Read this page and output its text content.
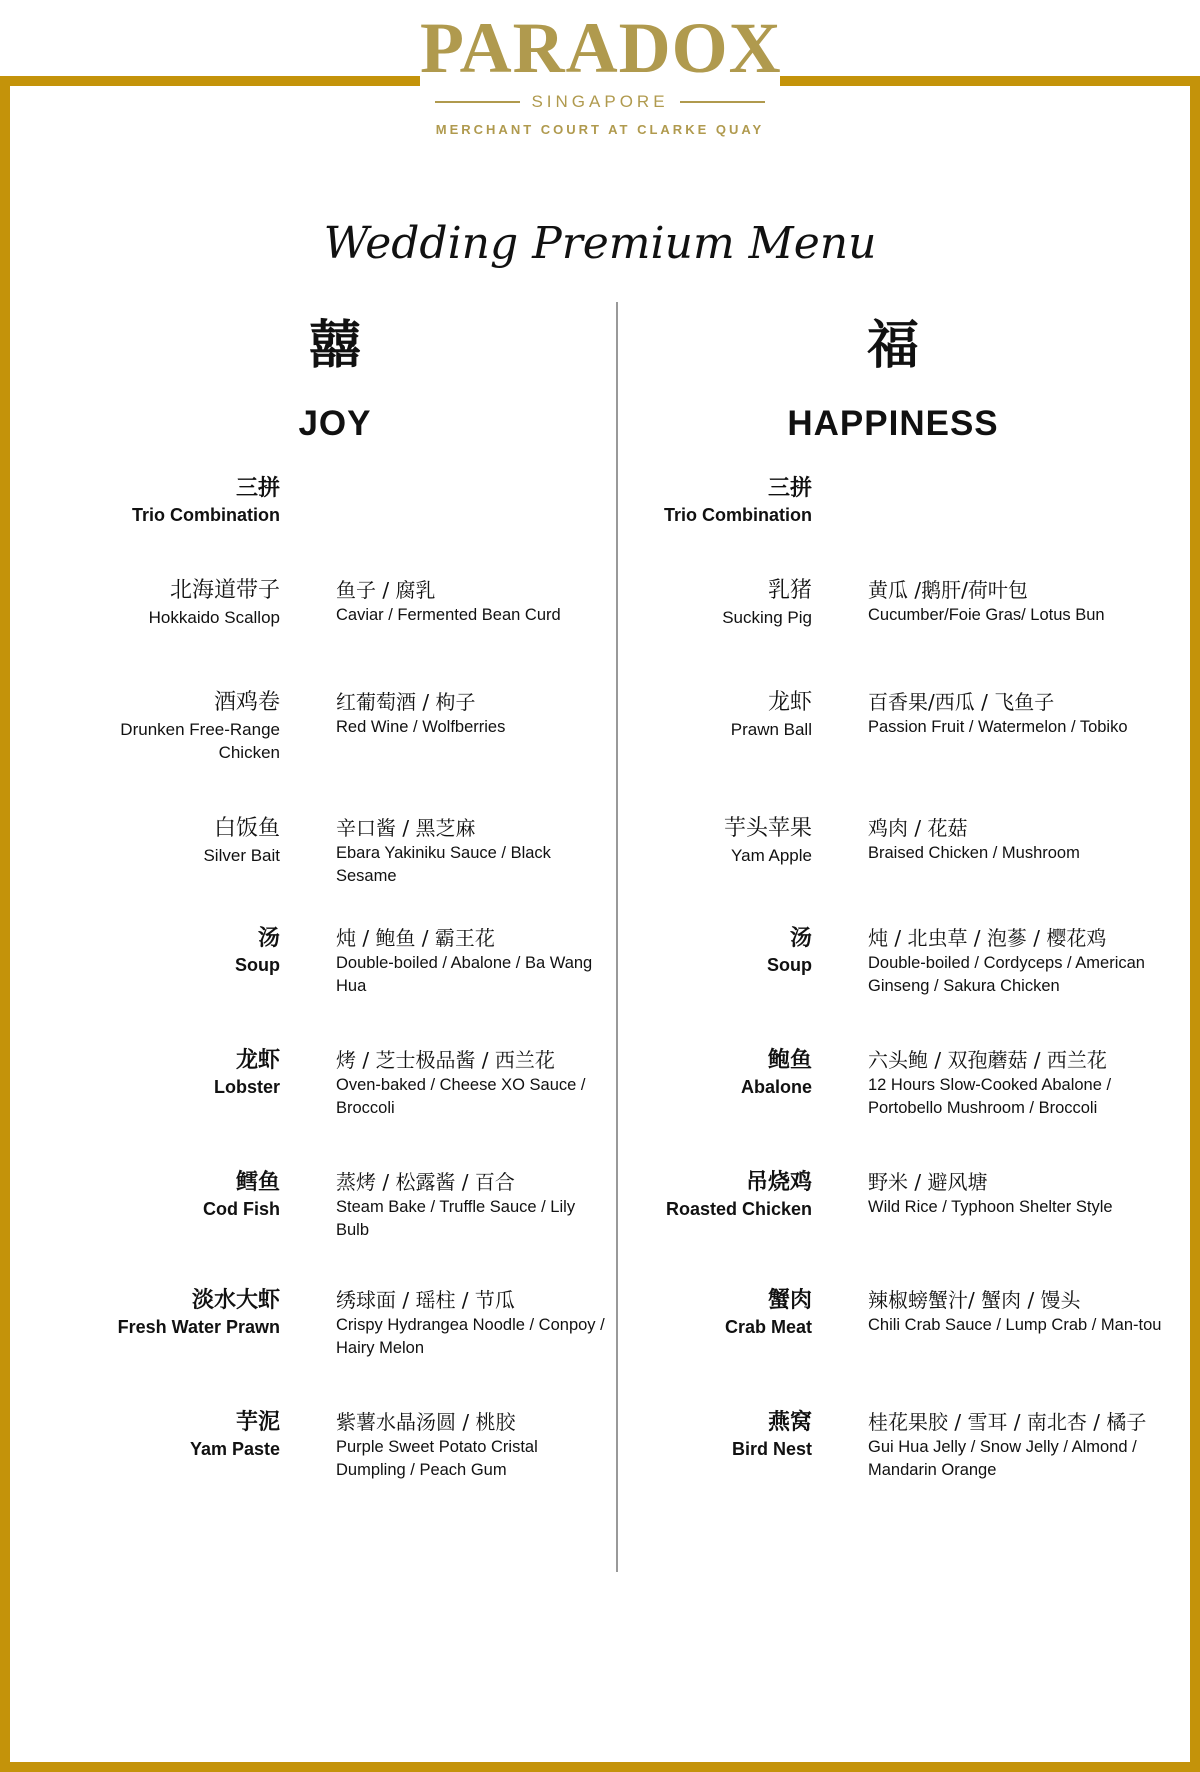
PARADOX
SINGAPORE
MERCHANT COURT AT CLARKE QUAY
Wedding Premium Menu
囍
JOY
三拼
Trio Combination
北海道带子
Hokkaido Scallop
鱼子 / 腐乳
Caviar / Fermented Bean Curd
酒鸡卷
Drunken Free-Range Chicken
红葡萄酒 / 枸子
Red Wine / Wolfberries
白饭鱼
Silver Bait
辛口酱 / 黑芝麻
Ebara Yakiniku Sauce / Black Sesame
汤
Soup
炖 / 鲍鱼 / 霸王花
Double-boiled / Abalone / Ba Wang Hua
龙虾
Lobster
烤 / 芝士极品酱 / 西兰花
Oven-baked / Cheese XO Sauce / Broccoli
鳕鱼
Cod Fish
蒸烤 / 松露酱 / 百合
Steam Bake / Truffle Sauce / Lily Bulb
淡水大虾
Fresh Water Prawn
绣球面 / 瑶柱 / 节瓜
Crispy Hydrangea Noodle / Conpoy / Hairy Melon
芋泥
Yam Paste
紫薯水晶汤圆 / 桃胶
Purple Sweet Potato Cristal Dumpling / Peach Gum
福
HAPPINESS
三拼
Trio Combination
乳猪
Sucking Pig
黄瓜 /鹅肝/荷叶包
Cucumber/Foie Gras/ Lotus Bun
龙虾
Prawn Ball
百香果/西瓜 / 飞鱼子
Passion Fruit / Watermelon / Tobiko
芋头苹果
Yam Apple
鸡肉 / 花菇
Braised Chicken / Mushroom
汤
Soup
炖 / 北虫草 / 泡蔘 / 樱花鸡
Double-boiled / Cordyceps / American Ginseng / Sakura Chicken
鲍鱼
Abalone
六头鲍 / 双孢蘑菇 / 西兰花
12 Hours Slow-Cooked Abalone / Portobello Mushroom / Broccoli
吊烧鸡
Roasted Chicken
野米 / 避风塘
Wild Rice / Typhoon Shelter Style
蟹肉
Crab Meat
辣椒螃蟹汁/ 蟹肉 / 馒头
Chili Crab Sauce / Lump Crab / Man-tou
燕窝
Bird Nest
桂花果胶 / 雪耳 / 南北杏 / 橘子
Gui Hua Jelly / Snow Jelly / Almond / Mandarin Orange
